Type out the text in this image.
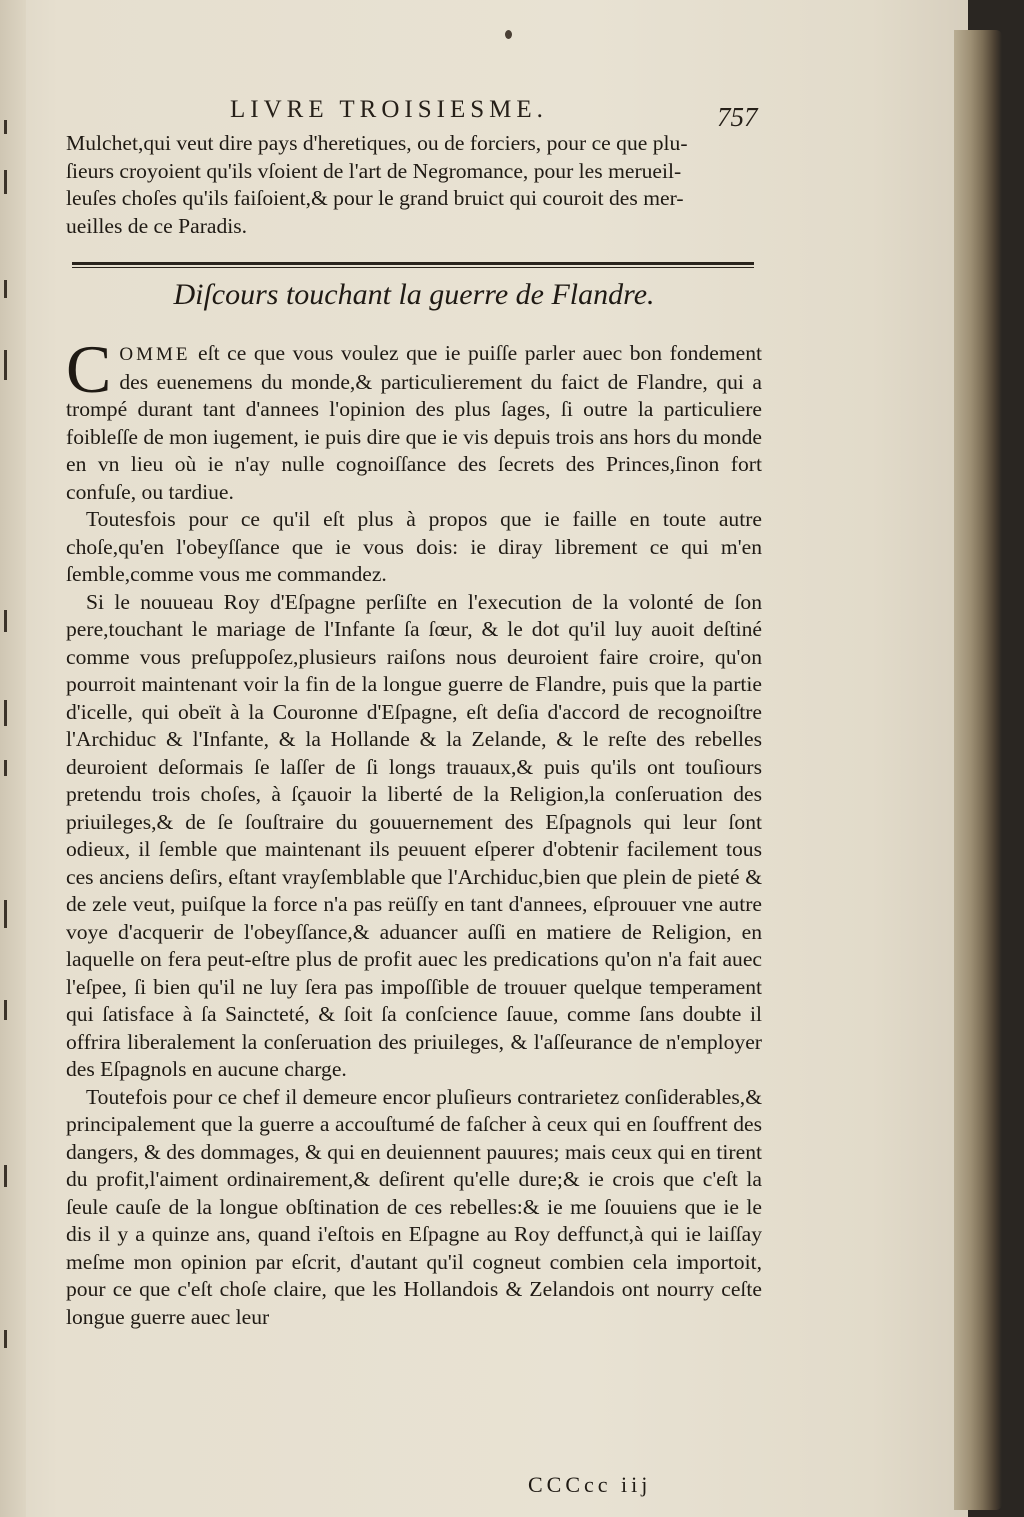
LIVRE TROISIESME.	757

Mulchet,qui veut dire pays d'heretiques, ou de forciers, pour ce que plu-

ſieurs croyoient qu'ils vſoient de l'art de Negromance, pour les merueil-

leuſes choſes qu'ils faiſoient,& pour le grand bruict qui couroit des mer-

ueilles de ce Paradis.

Diſcours touchant la guerre de Flandre.

COMME eſt ce que vous voulez que ie puiſſe parler auec bon fondement des euenemens du monde,& particulierement du faict de Flandre, qui a trompé durant tant d'annees l'opinion des plus ſages, ſi outre la particuliere foibleſſe de mon iugement, ie puis dire que ie vis depuis trois ans hors du monde en vn lieu où ie n'ay nulle cognoiſſance des ſecrets des Princes,ſinon fort confuſe, ou tardiue.

Toutesfois pour ce qu'il eſt plus à propos que ie faille en toute autre choſe,qu'en l'obeyſſance que ie vous dois: ie diray librement ce qui m'en ſemble,comme vous me commandez.

Si le nouueau Roy d'Eſpagne perſiſte en l'execution de la volonté de ſon pere,touchant le mariage de l'Infante ſa ſœur, & le dot qu'il luy auoit deſtiné comme vous preſuppoſez,plusieurs raiſons nous deuroient faire croire, qu'on pourroit maintenant voir la fin de la longue guerre de Flandre, puis que la partie d'icelle, qui obeït à la Couronne d'Eſpagne, eſt deſia d'accord de recognoiſtre l'Archiduc & l'Infante, & la Hollande & la Zelande, & le reſte des rebelles deuroient deſormais ſe laſſer de ſi longs trauaux,& puis qu'ils ont touſiours pretendu trois choſes, à ſçauoir la liberté de la Religion,la conſeruation des priuileges,& de ſe ſouſtraire du gouuernement des Eſpagnols qui leur ſont odieux, il ſemble que maintenant ils peuuent eſperer d'obtenir facilement tous ces anciens deſirs, eſtant vrayſemblable que l'Archiduc,bien que plein de pieté & de zele veut, puiſque la force n'a pas reüſſy en tant d'annees, eſprouuer vne autre voye d'acquerir de l'obeyſſance,& aduancer auſſi en matiere de Religion, en laquelle on fera peut-eſtre plus de profit auec les predications qu'on n'a fait auec l'eſpee, ſi bien qu'il ne luy ſera pas impoſſible de trouuer quelque temperament qui ſatisface à ſa Saincteté, & ſoit ſa conſcience ſauue, comme ſans doubte il offrira liberalement la conſeruation des priuileges, & l'aſſeurance de n'employer des Eſpagnols en aucune charge.

Toutefois pour ce chef il demeure encor pluſieurs contrarietez conſiderables,& principalement que la guerre a accouſtumé de faſcher à ceux qui en ſouffrent des dangers, & des dommages, & qui en deuiennent pauures; mais ceux qui en tirent du profit,l'aiment ordinairement,& deſirent qu'elle dure;& ie crois que c'eſt la ſeule cauſe de la longue obſtination de ces rebelles:& ie me ſouuiens que ie le dis il y a quinze ans, quand i'eſtois en Eſpagne au Roy deffunct,à qui ie laiſſay meſme mon opinion par eſcrit, d'autant qu'il cogneut combien cela importoit, pour ce que c'eſt choſe claire, que les Hollandois & Zelandois ont nourry ceſte longue guerre auec leur

CCCcc iij
